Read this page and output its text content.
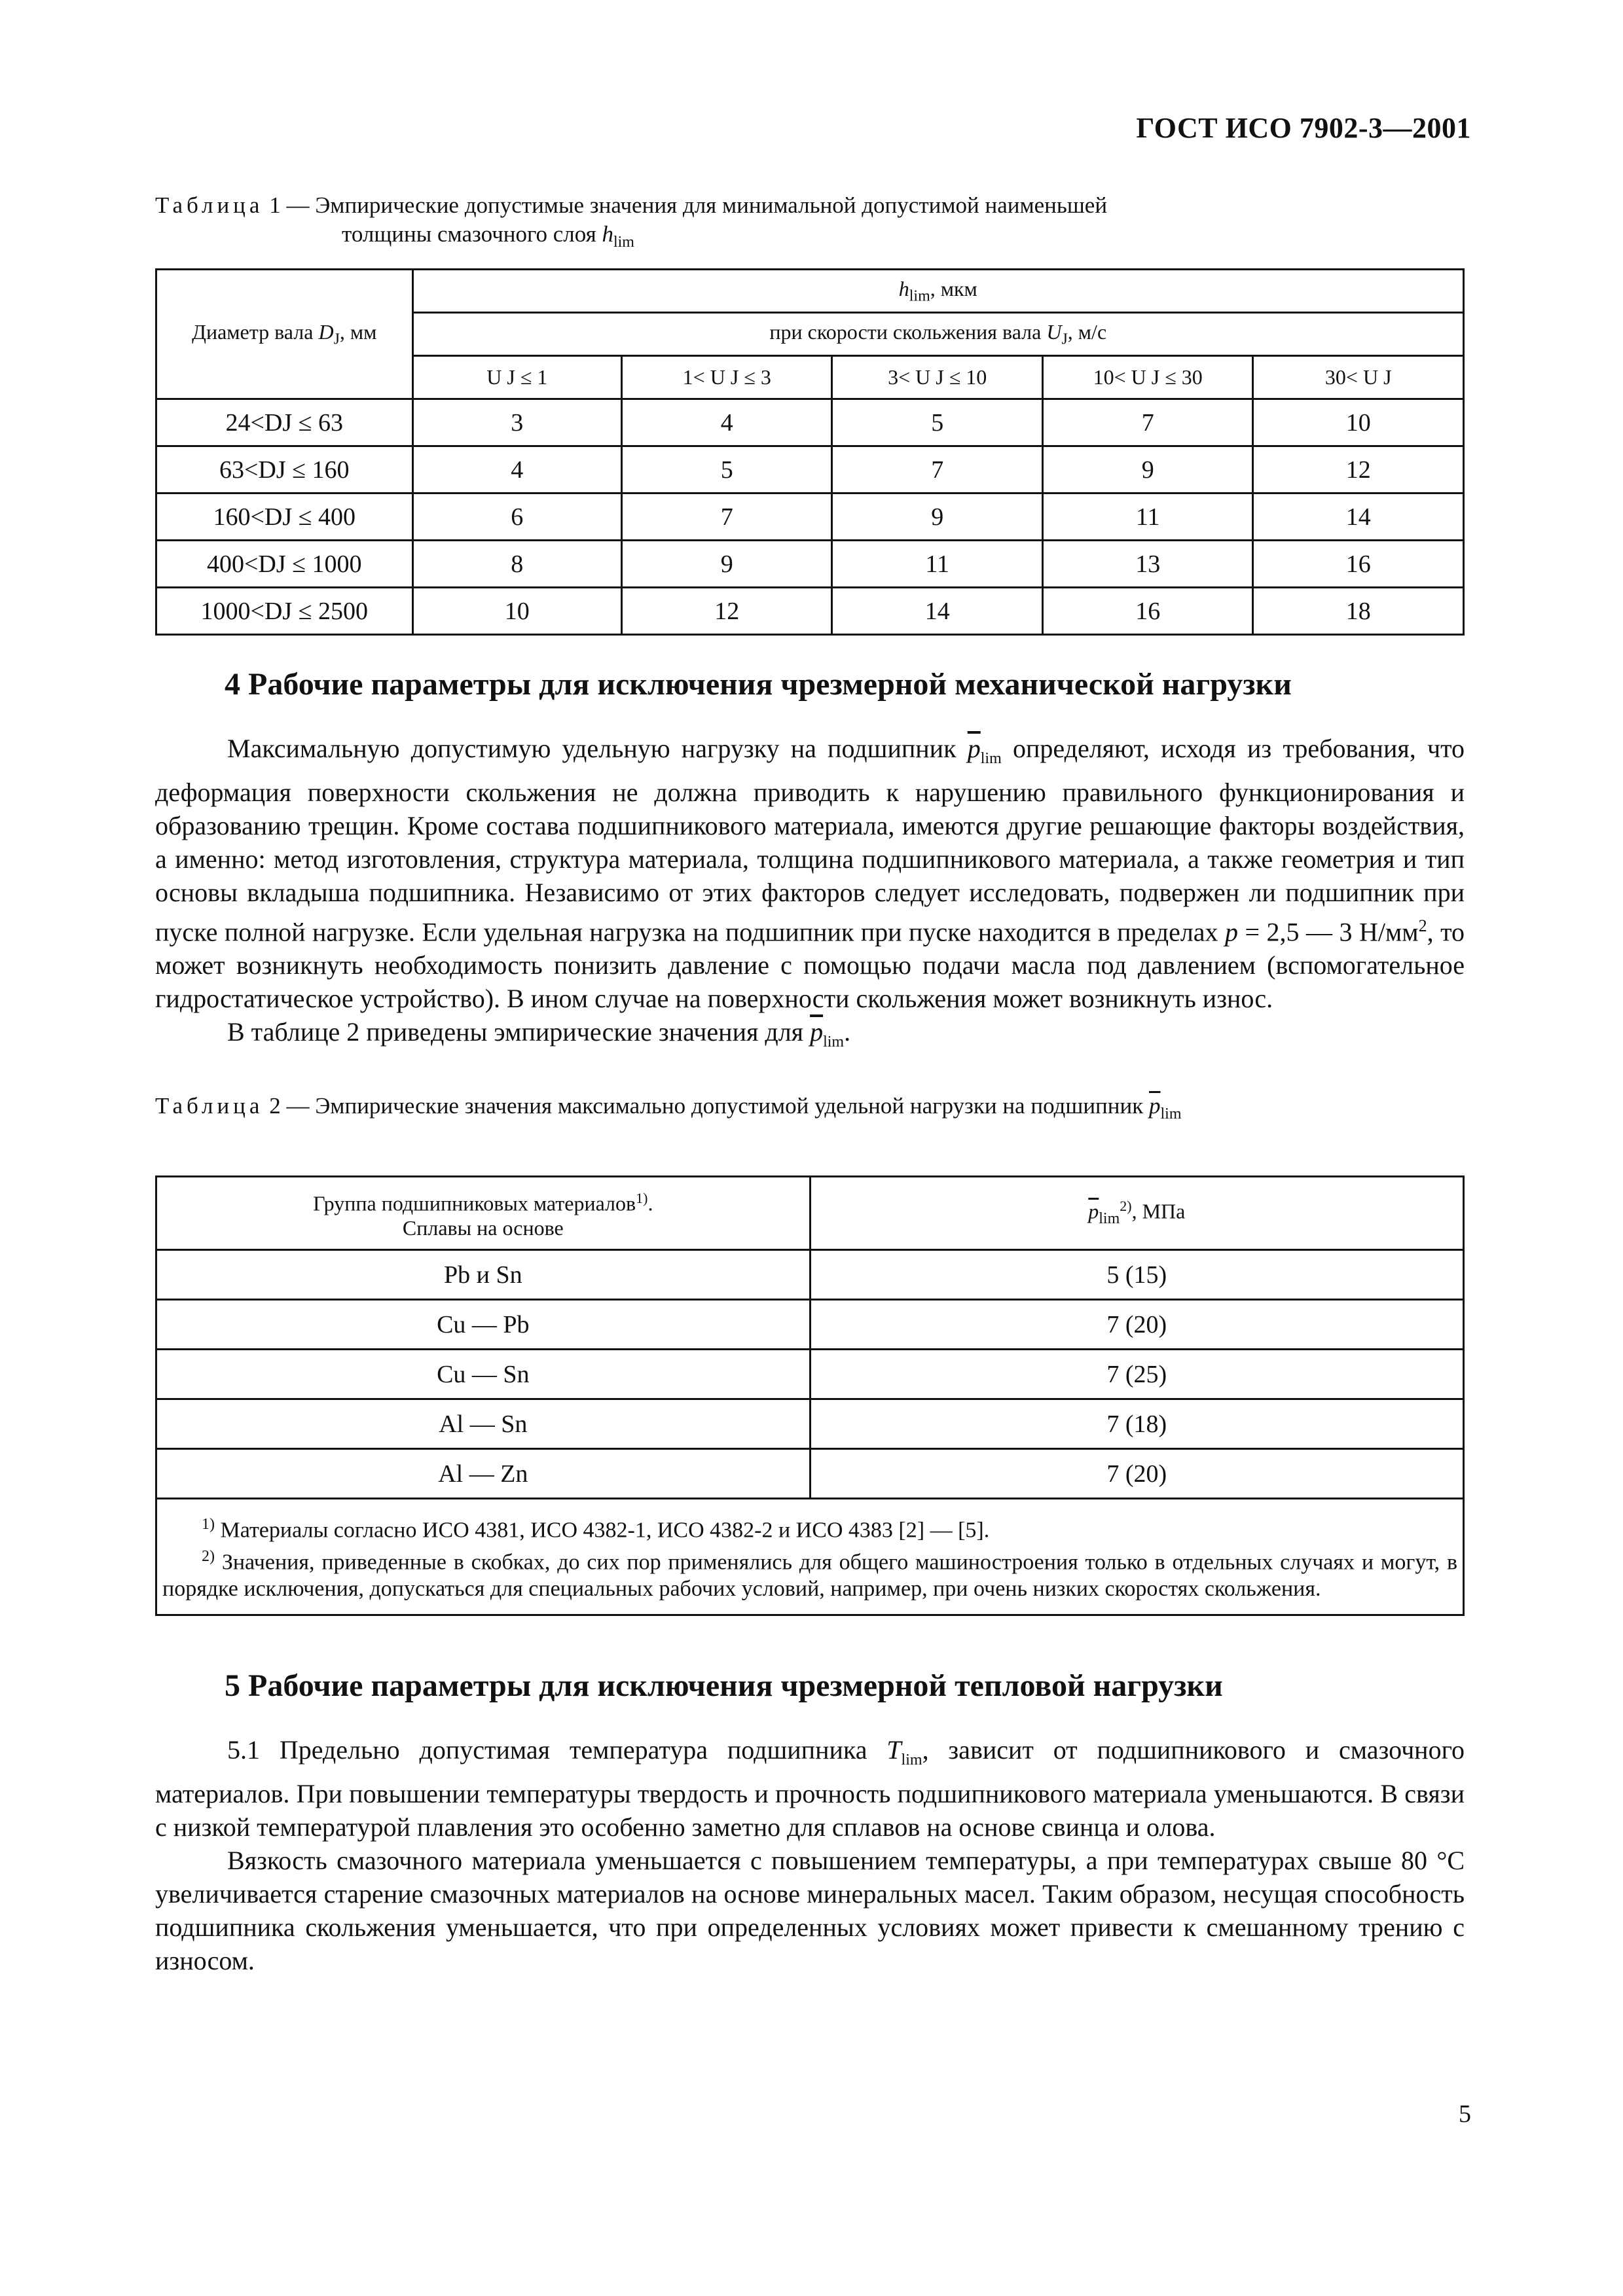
ГОСТ ИСО 7902-3—2001
Таблица 1 — Эмпирические допустимые значения для минимальной допустимой наименьшей
толщины смазочного слоя $h_{lim}$
Диаметр вала $D_J$, мм	$h_{lim}$, мкм				
	при скорости скольжения вала $U_J$, м/с				
	U J ≤ 1	1< U J ≤ 3	3< U J ≤ 10	10< U J ≤ 30	30< U J
24<DJ ≤ 63	3	4	5	7	10
63<DJ ≤ 160	4	5	7	9	12
160<DJ ≤ 400	6	7	9	11	14
400<DJ ≤ 1000	8	9	11	13	16
1000<DJ ≤ 2500	10	12	14	16	18
4 Рабочие параметры для исключения чрезмерной механической нагрузки
Максимальную допустимую удельную нагрузку на подшипник $\overline{p}_{lim}$ определяют, исходя из требования, что деформация поверхности скольжения не должна приводить к нарушению правильного функционирования и образованию трещин. Кроме состава подшипникового материала, имеются другие решающие факторы воздействия, а именно: метод изготовления, структура материала, толщина подшипникового материала, а также геометрия и тип основы вкладыша подшипника. Независимо от этих факторов следует исследовать, подвержен ли подшипник при пуске полной нагрузке. Если удельная нагрузка на подшипник при пуске находится в пределах p = 2,5 — 3 $Н/мм^2$, то может возникнуть необходимость понизить давление с помощью подачи масла под давлением (вспомогательное гидростатическое устройство). В ином случае на поверхности скольжения может возникнуть износ.
В таблице 2 приведены эмпирические значения для $\overline{p}_{lim}$.
Таблица 2 — Эмпирические значения максимально допустимой удельной нагрузки на подшипник $\overline{p}_{lim}$
Группа подшипниковых материалов$^{1)}$.
Сплавы на основе	$\overline{p}_{lim}^{2)}$, МПа
Pb и Sn	5 (15)
Cu — Pb	7 (20)
Cu — Sn	7 (25)
Al — Sn	7 (18)
Al — Zn	7 (20)

$^{1)}$ Материалы согласно ИСО 4381, ИСО 4382-1, ИСО 4382-2 и ИСО 4383 [2] — [5].
$^{2)}$ Значения, приведенные в скобках, до сих пор применялись для общего машиностроения только в отдельных случаях и могут, в порядке исключения, допускаться для специальных рабочих условий, например, при очень низких скоростях скольжения.	
5 Рабочие параметры для исключения чрезмерной тепловой нагрузки
5.1 Предельно допустимая температура подшипника $T_{lim}$, зависит от подшипникового и смазочного материалов. При повышении температуры твердость и прочность подшипникового материала уменьшаются. В связи с низкой температурой плавления это особенно заметно для сплавов на основе свинца и олова.
Вязкость смазочного материала уменьшается с повышением температуры, а при температурах свыше 80 °С увеличивается старение смазочных материалов на основе минеральных масел. Таким образом, несущая способность подшипника скольжения уменьшается, что при определенных условиях может привести к смешанному трению с износом.
5
